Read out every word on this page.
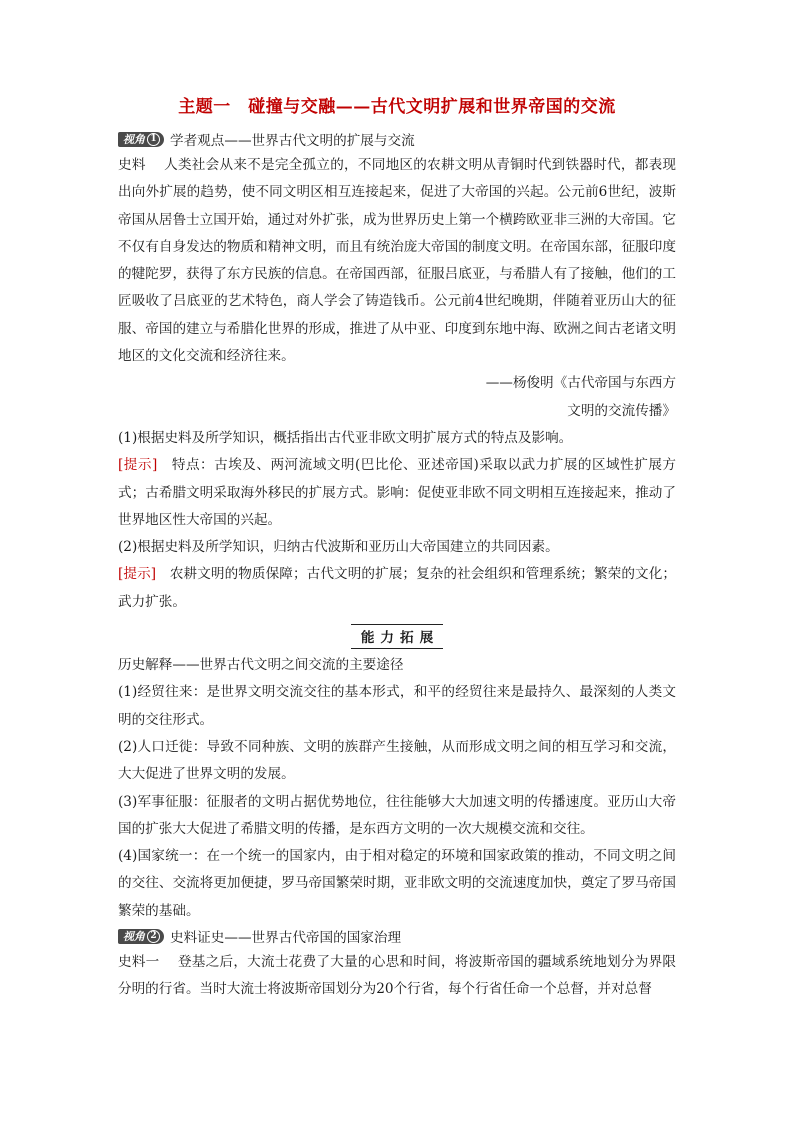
主题一　碰撞与交融——古代文明扩展和世界帝国的交流
视角 1 学者观点——世界古代文明的扩展与交流

史料　 人类社会从来不是完全孤立的，不同地区的农耕文明从青铜时代到铁器时代，都表现出向外扩展的趋势，使不同文明区相互连接起来，促进了大帝国的兴起。公元前6世纪，波斯帝国从居鲁士立国开始，通过对外扩张，成为世界历史上第一个横跨欧亚非三洲的大帝国。它不仅有自身发达的物质和精神文明，而且有统治庞大帝国的制度文明。在帝国东部，征服印度的犍陀罗，获得了东方民族的信息。在帝国西部，征服吕底亚，与希腊人有了接触，他们的工匠吸收了吕底亚的艺术特色，商人学会了铸造钱币。公元前4世纪晚期，伴随着亚历山大的征服、帝国的建立与希腊化世界的形成，推进了从中亚、印度到东地中海、欧洲之间古老诸文明地区的文化交流和经济往来。

——杨俊明《古代帝国与东西方

文明的交流传播》

(1)根据史料及所学知识，概括指出古代亚非欧文明扩展方式的特点及影响。

[提示]　特点：古埃及、两河流域文明(巴比伦、亚述帝国)采取以武力扩展的区域性扩展方式；古希腊文明采取海外移民的扩展方式。影响：促使亚非欧不同文明相互连接起来，推动了世界地区性大帝国的兴起。

(2)根据史料及所学知识，归纳古代波斯和亚历山大帝国建立的共同因素。

[提示]　农耕文明的物质保障；古代文明的扩展；复杂的社会组织和管理系统；繁荣的文化；武力扩张。

能力拓展

历史解释——世界古代文明之间交流的主要途径

(1)经贸往来：是世界文明交流交往的基本形式，和平的经贸往来是最持久、最深刻的人类文明的交往形式。

(2)人口迁徙：导致不同种族、文明的族群产生接触，从而形成文明之间的相互学习和交流，大大促进了世界文明的发展。

(3)军事征服：征服者的文明占据优势地位，往往能够大大加速文明的传播速度。亚历山大帝国的扩张大大促进了希腊文明的传播，是东西方文明的一次大规模交流和交往。

(4)国家统一：在一个统一的国家内，由于相对稳定的环境和国家政策的推动，不同文明之间的交往、交流将更加便捷，罗马帝国繁荣时期，亚非欧文明的交流速度加快，奠定了罗马帝国繁荣的基础。

视角 2 史料证史——世界古代帝国的国家治理

史料一　 登基之后，大流士花费了大量的心思和时间，将波斯帝国的疆域系统地划分为界限分明的行省。当时大流士将波斯帝国划分为20个行省，每个行省任命一个总督，并对总督
